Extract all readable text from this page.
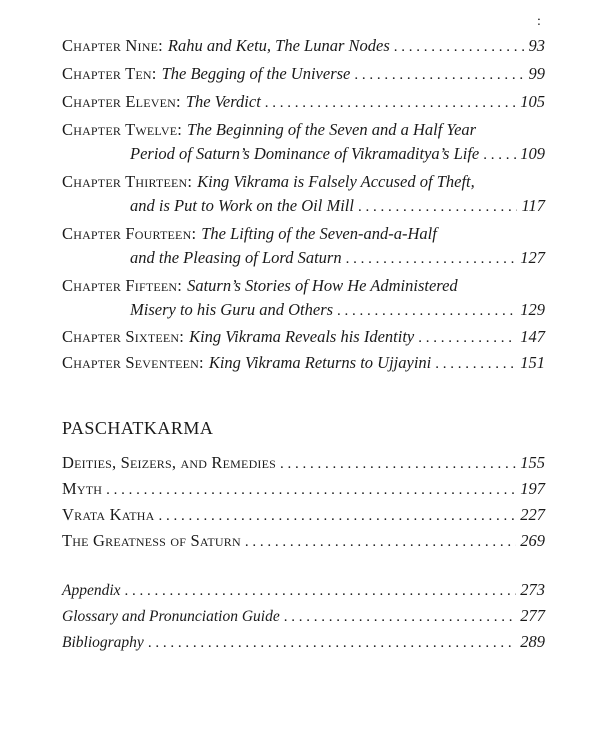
:
Chapter Nine: Rahu and Ketu, The Lunar Nodes . . .	93
Chapter Ten: The Begging of the Universe . . .	99
Chapter Eleven: The Verdict . . .	105
Chapter Twelve: The Beginning of the Seven and a Half Year
Period of Saturn’s Dominance of Vikramaditya’s Life . . . 109
Chapter Thirteen: King Vikrama is Falsely Accused of Theft,
and is Put to Work on the Oil Mill . . .	117
Chapter Fourteen: The Lifting of the Seven-and-a-Half
and the Pleasing of Lord Saturn . . .	127
Chapter Fifteen: Saturn’s Stories of How He Administered
Misery to his Guru and Others . . .	129
Chapter Sixteen: King Vikrama Reveals his Identity . . .	147
Chapter Seventeen: King Vikrama Returns to Ujjayini . . .	151
PASCHATKARMA
Deities, Seizers, and Remedies . . .	155
Myth . . .	197
Vrata Katha . . .	227
The Greatness of Saturn . . .	269
Appendix . . .	273
Glossary and Pronunciation Guide . . .	277
Bibliography . . .	289
